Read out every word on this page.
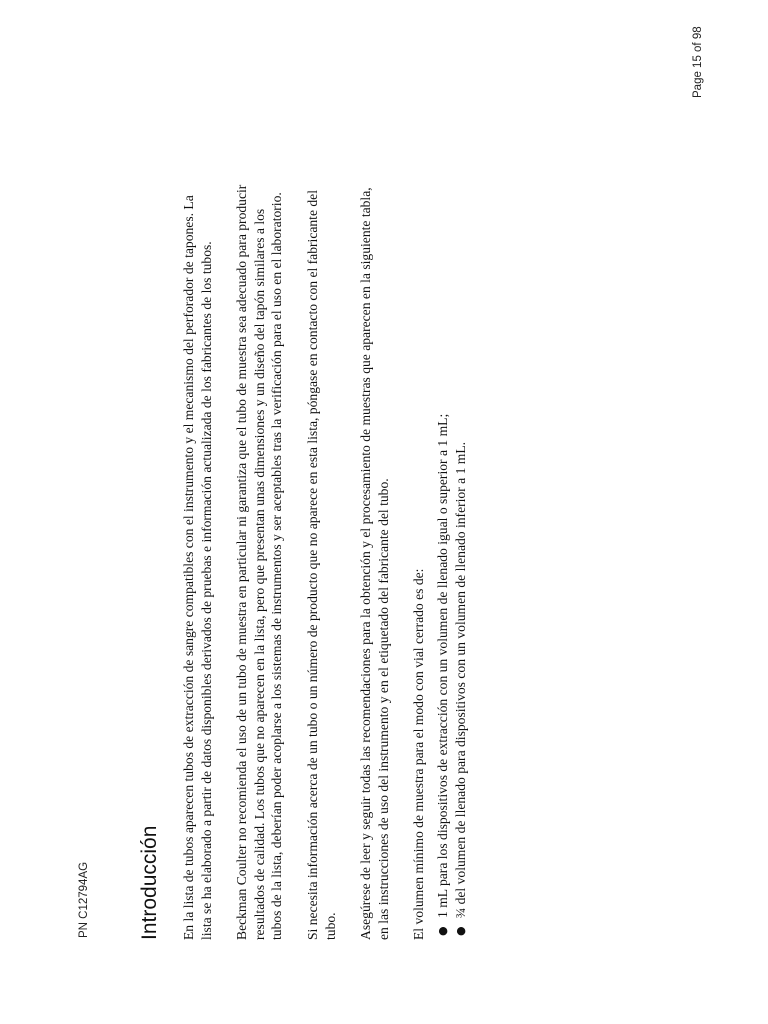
PN C12794AG Introducción En la lista de tubos aparecen tubos de extracción de sangre compatibles con el instrumento y el mecanismo del perforador de tapones. La lista se ha elaborado a partir de datos disponibles derivados de pruebas e información actualizada de los fabricantes de los tubos. Beckman Coulter no recomienda el uso de un tubo de muestra en particular ni garantiza que el tubo de muestra sea adecuado para producir resultados de calidad. Los tubos que no aparecen en la lista, pero que presentan unas dimensiones y un diseño del tapón similares a los tubos de la lista, deberían poder acoplarse a los sistemas de instrumentos y ser aceptables tras la verificación para el uso en el laboratorio. Si necesita información acerca de un tubo o un número de producto que no aparece en esta lista, póngase en contacto con el fabricante del tubo. Asegúrese de leer y seguir todas las recomendaciones para la obtención y el procesamiento de muestras que aparecen en la siguiente tabla, en las instrucciones de uso del instrumento y en el etiquetado del fabricante del tubo. El volumen mínimo de muestra para el modo con vial cerrado es de: ●
1 mL para los dispositivos de extracción con un volumen de llenado igual o superior a 1 mL;
●
¾ del volumen de llenado para dispositivos con un volumen de llenado inferior a 1 mL.
Page 15 of 98
